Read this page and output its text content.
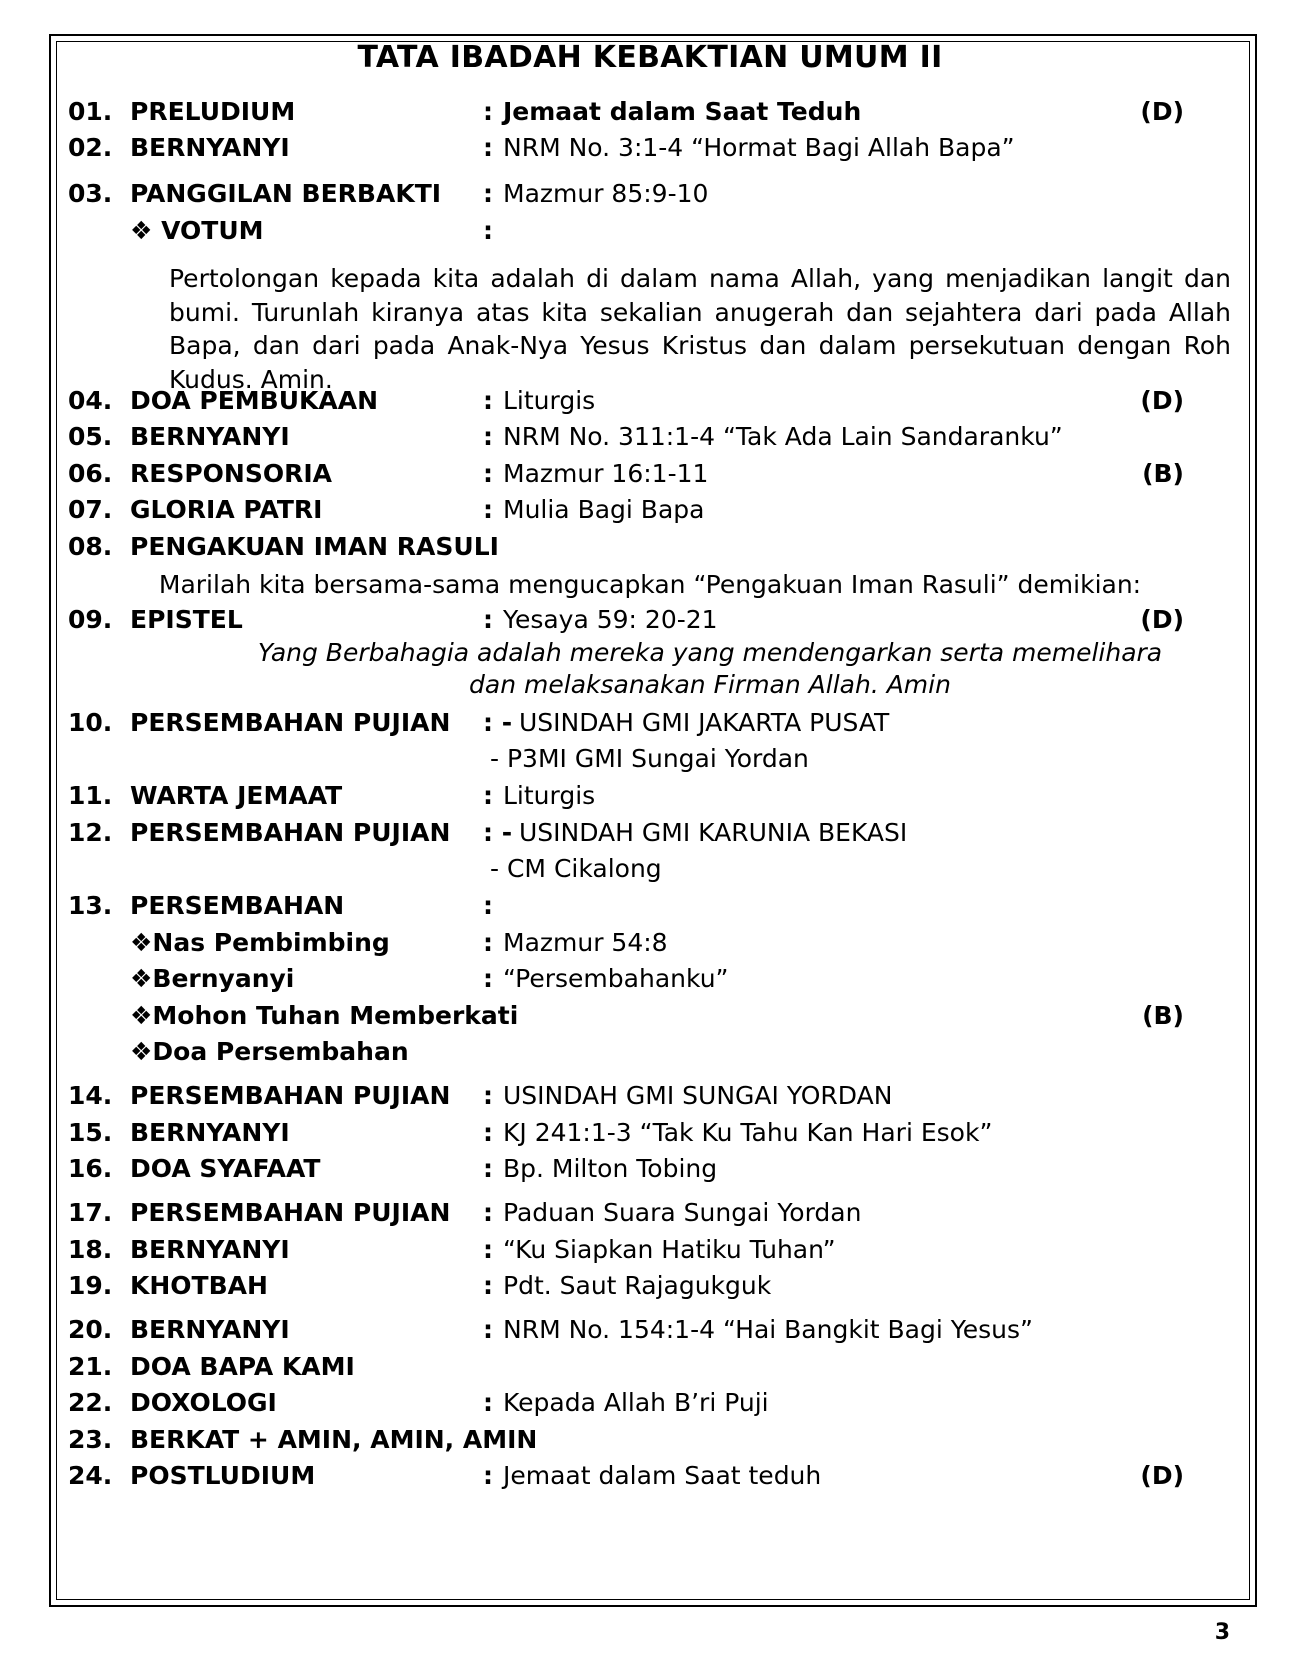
TATA IBADAH KEBAKTIAN UMUM II
01. PRELUDIUM	: Jemaat dalam Saat Teduh	(D)
02. BERNYANYI	: NRM No. 3:1-4 “Hormat Bagi Allah Bapa”
03. PANGGILAN BERBAKTI : Mazmur 85:9-10
❖ VOTUM	:
04. DOA PEMBUKAAN	: Liturgis	(D)
05. BERNYANYI	: NRM No. 311:1-4 “Tak Ada Lain Sandaranku”
06. RESPONSORIA	: Mazmur 16:1-11	(B)
07. GLORIA PATRI	: Mulia Bagi Bapa
08. PENGAKUAN IMAN RASULI
09. EPISTEL	: Yesaya 59: 20-21	(D)
10. PERSEMBAHAN PUJIAN : - USINDAH GMI JAKARTA PUSAT
- P3MI GMI Sungai Yordan
11. WARTA JEMAAT	: Liturgis
12. PERSEMBAHAN PUJIAN : - USINDAH GMI KARUNIA BEKASI
- CM Cikalong
13. PERSEMBAHAN	:
❖Nas Pembimbing	: Mazmur 54:8
❖Bernyanyi	: “Persembahanku”
❖Mohon Tuhan Memberkati	(B)
❖Doa Persembahan
14. PERSEMBAHAN PUJIAN : USINDAH GMI SUNGAI YORDAN
15. BERNYANYI	: KJ 241:1-3 “Tak Ku Tahu Kan Hari Esok”
16. DOA SYAFAAT	: Bp. Milton Tobing
17. PERSEMBAHAN PUJIAN : Paduan Suara Sungai Yordan
18. BERNYANYI	: “Ku Siapkan Hatiku Tuhan”
19. KHOTBAH	: Pdt. Saut Rajagukguk
20. BERNYANYI	: NRM No. 154:1-4 “Hai Bangkit Bagi Yesus”
21. DOA BAPA KAMI
22. DOXOLOGI	: Kepada Allah B’ri Puji
23. BERKAT + AMIN, AMIN, AMIN
24. POSTLUDIUM	: Jemaat dalam Saat teduh	(D)
Pertolongan kepada kita adalah di dalam nama Allah, yang menjadikan langit dan bumi. Turunlah kiranya atas kita sekalian anugerah dan sejahtera dari pada Allah Bapa, dan dari pada Anak-Nya Yesus Kristus dan dalam persekutuan dengan Roh Kudus. Amin.
Marilah kita bersama-sama mengucapkan “Pengakuan Iman Rasuli” demikian:
Yang Berbahagia adalah mereka yang mendengarkan serta memelihara
dan melaksanakan Firman Allah. Amin
3
